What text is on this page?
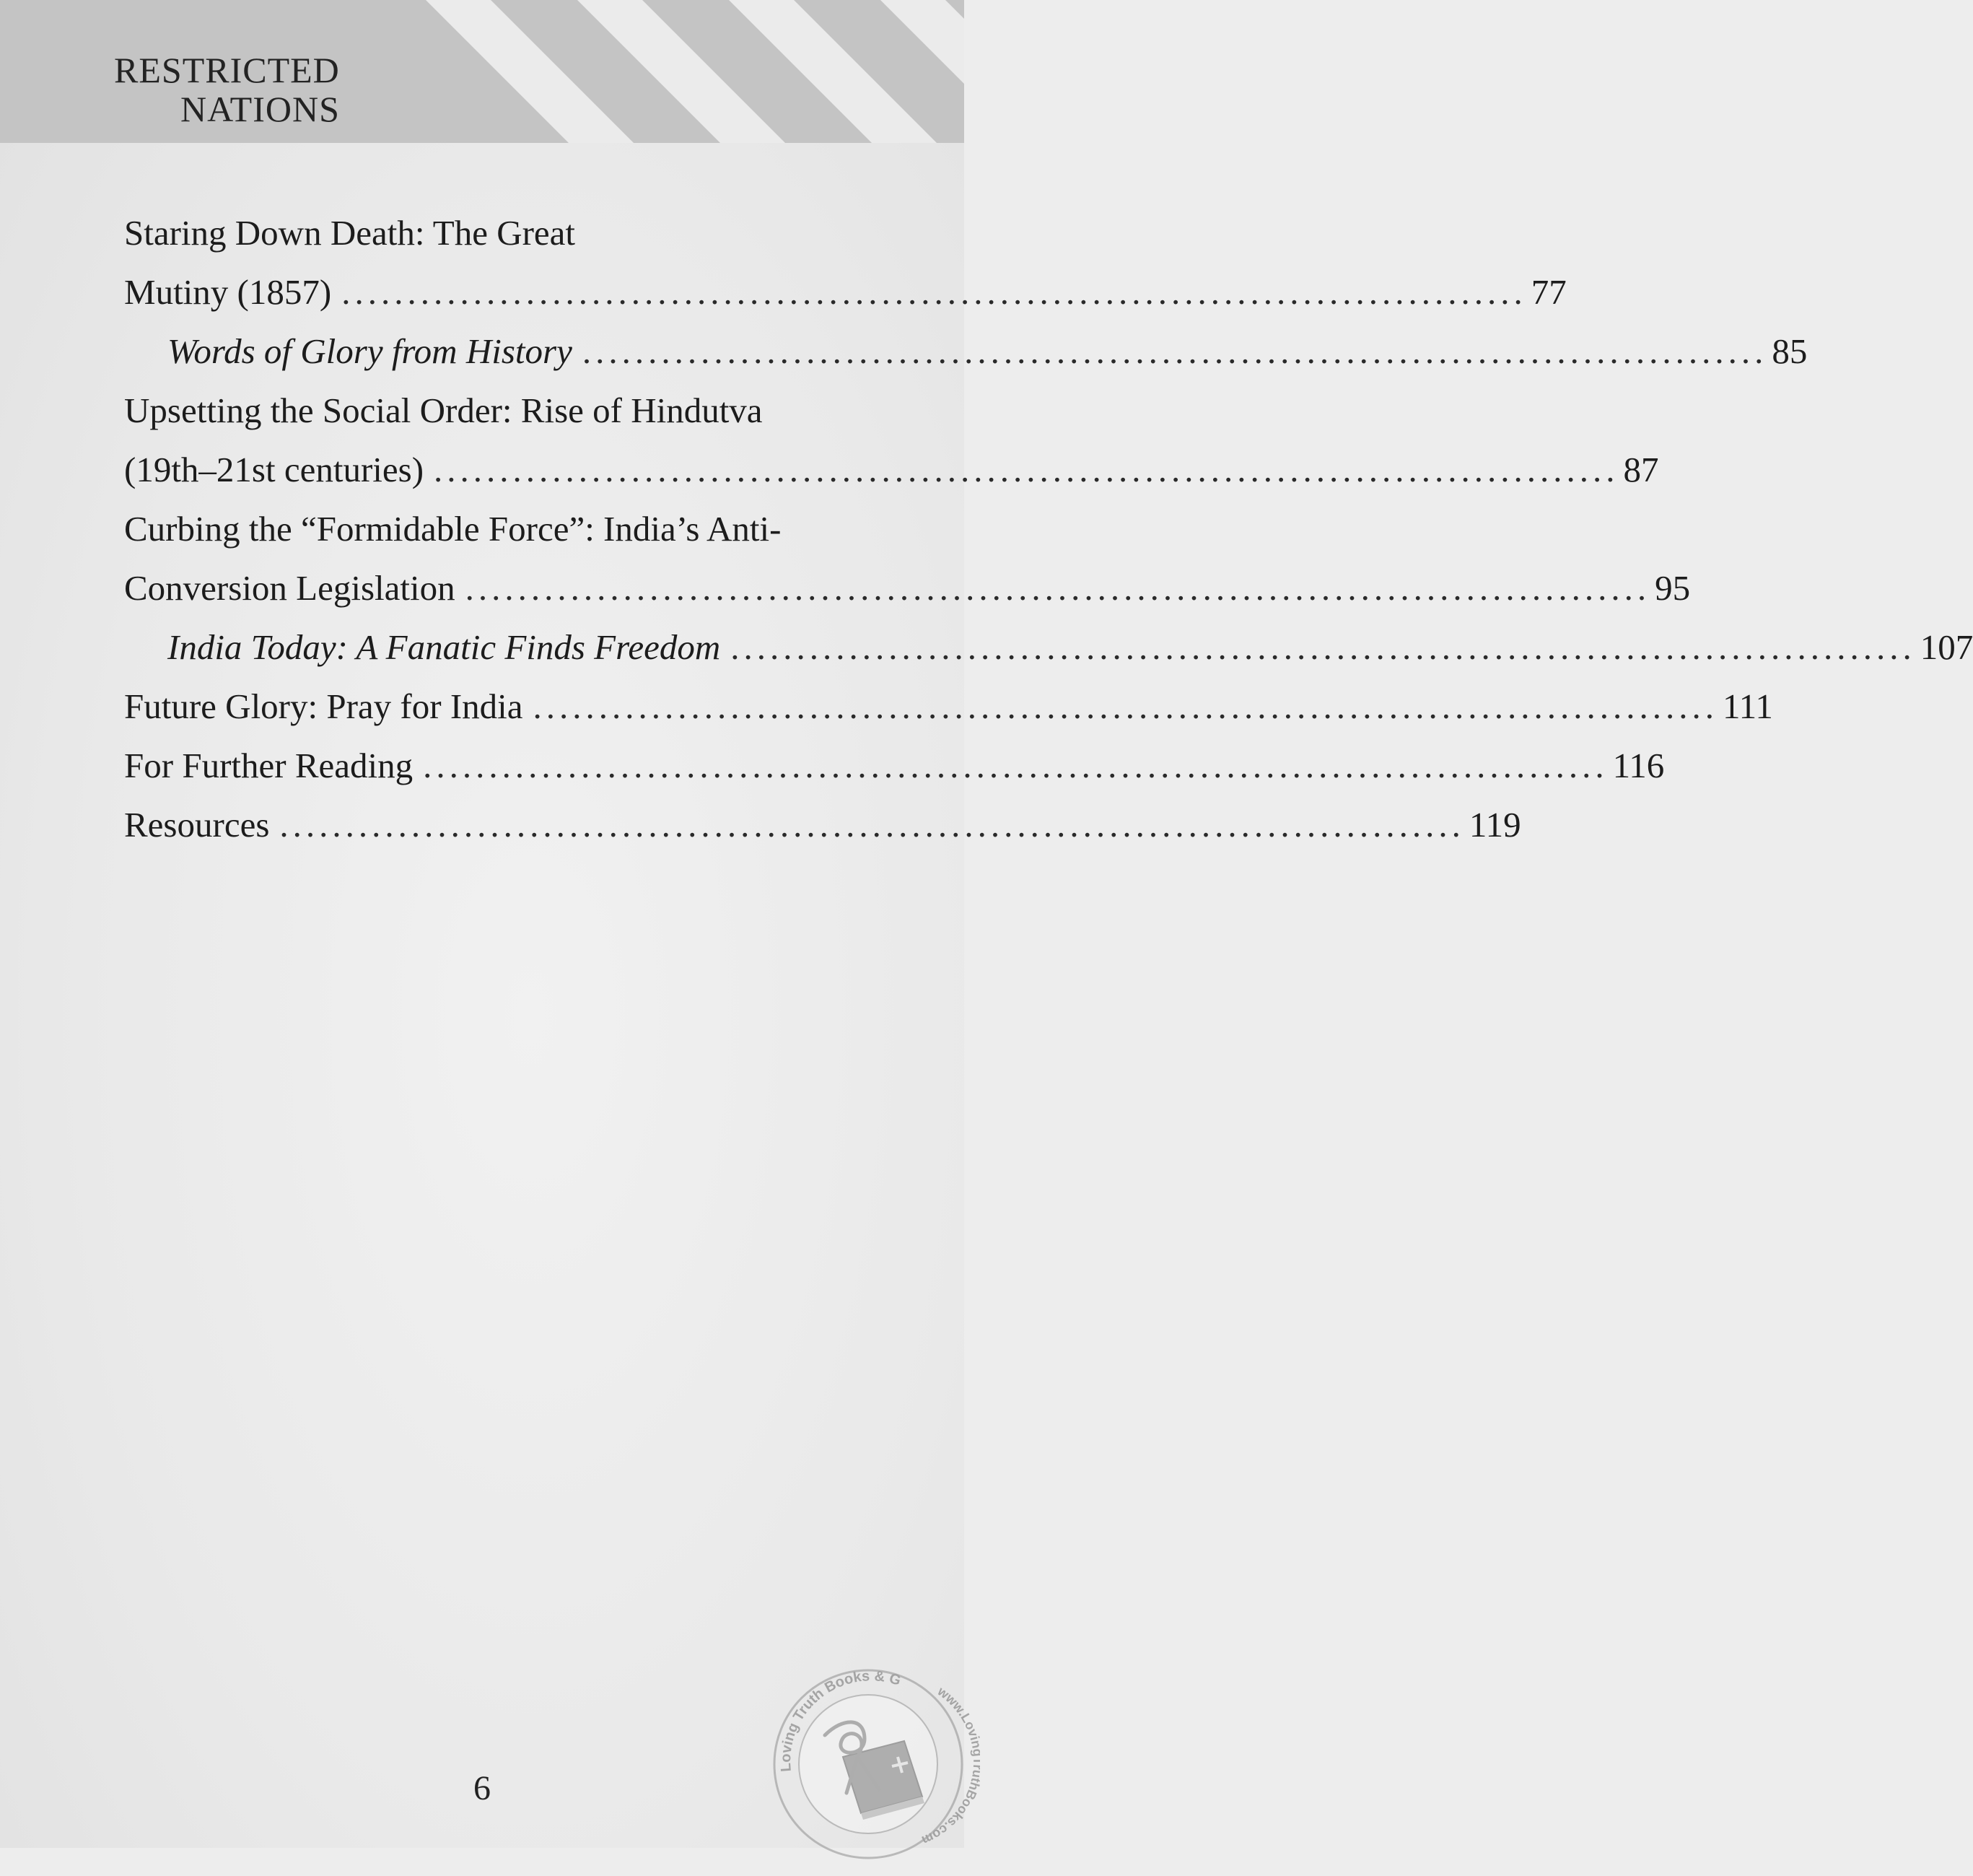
RESTRICTED
NATIONS
Staring Down Death: The Great
Mutiny (1857) .......................................................................................... 77
Words of Glory from History .......................................................................................... 85
Upsetting the Social Order: Rise of Hindutva
(19th–21st centuries) .......................................................................................... 87
Curbing the “Formidable Force”: India’s Anti-
Conversion Legislation .......................................................................................... 95
India Today: A Fanatic Finds Freedom .......................................................................................... 107
Future Glory: Pray for India .......................................................................................... 111
For Further Reading .......................................................................................... 116
Resources .......................................................................................... 119
6
Loving Truth Books & G
www.Lov Books.com
